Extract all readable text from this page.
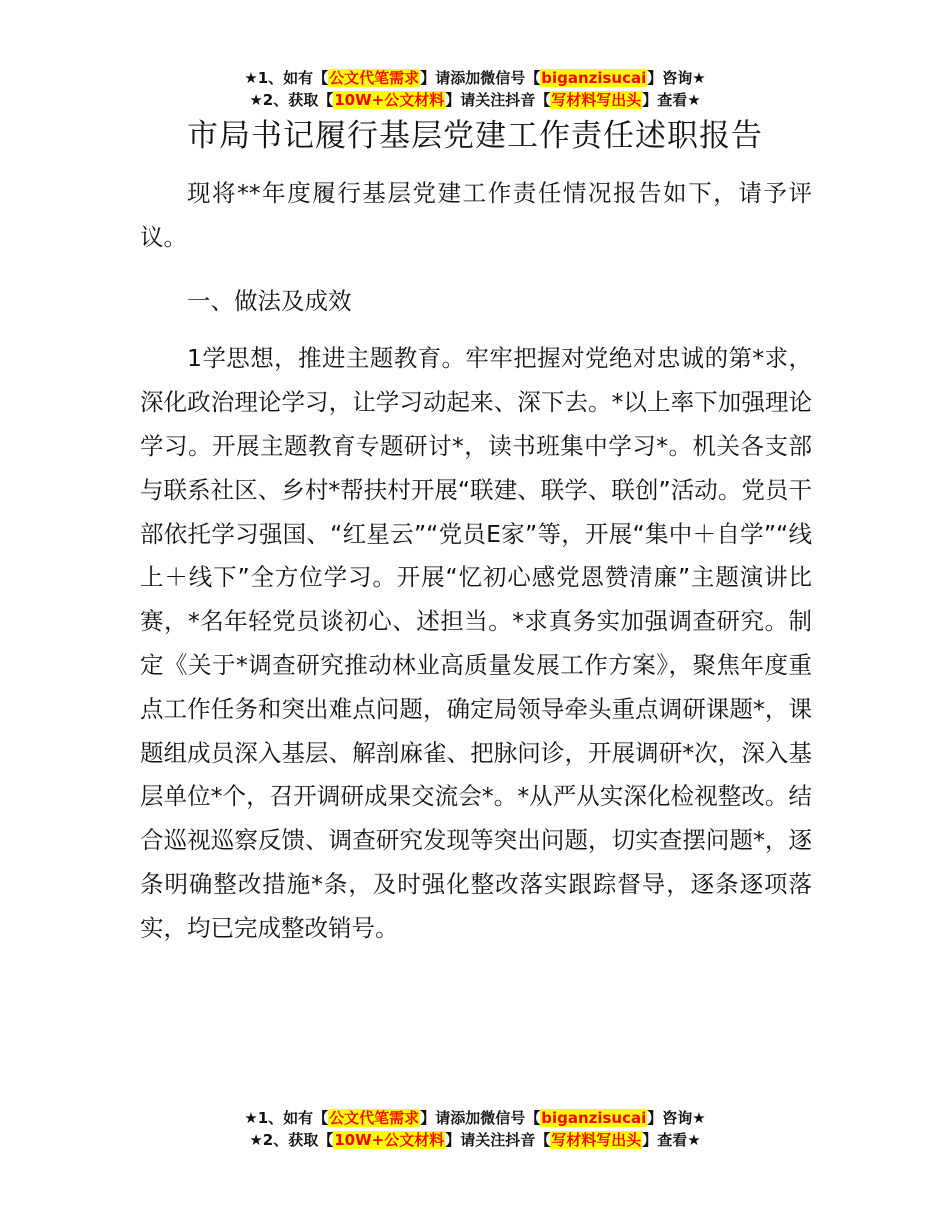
★1、如有【公文代笔需求】请添加微信号【biganzisucai】咨询★
★2、获取【10W+公文材料】请关注抖音【写材料写出头】查看★
市局书记履行基层党建工作责任述职报告

现将**年度履行基层党建工作责任情况报告如下，请予评议。

一、做法及成效

1学思想，推进主题教育。牢牢把握对党绝对忠诚的第*求，深化政治理论学习，让学习动起来、深下去。*以上率下加强理论学习。开展主题教育专题研讨*，读书班集中学习*。机关各支部与联系社区、乡村*帮扶村开展“联建、联学、联创”活动。党员干部依托学习强国、“红星云”“党员E家”等，开展“集中＋自学”“线上＋线下”全方位学习。开展“忆初心感党恩赞清廉”主题演讲比赛，*名年轻党员谈初心、述担当。*求真务实加强调查研究。制定《关于*调查研究推动林业高质量发展工作方案》，聚焦年度重点工作任务和突出难点问题，确定局领导牵头重点调研课题*，课题组成员深入基层、解剖麻雀、把脉问诊，开展调研*次，深入基层单位*个，召开调研成果交流会*。*从严从实深化检视整改。结合巡视巡察反馈、调查研究发现等突出问题，切实查摆问题*，逐条明确整改措施*条，及时强化整改落实跟踪督导，逐条逐项落实，均已完成整改销号。

★1、如有【公文代笔需求】请添加微信号【biganzisucai】咨询★
★2、获取【10W+公文材料】请关注抖音【写材料写出头】查看★
